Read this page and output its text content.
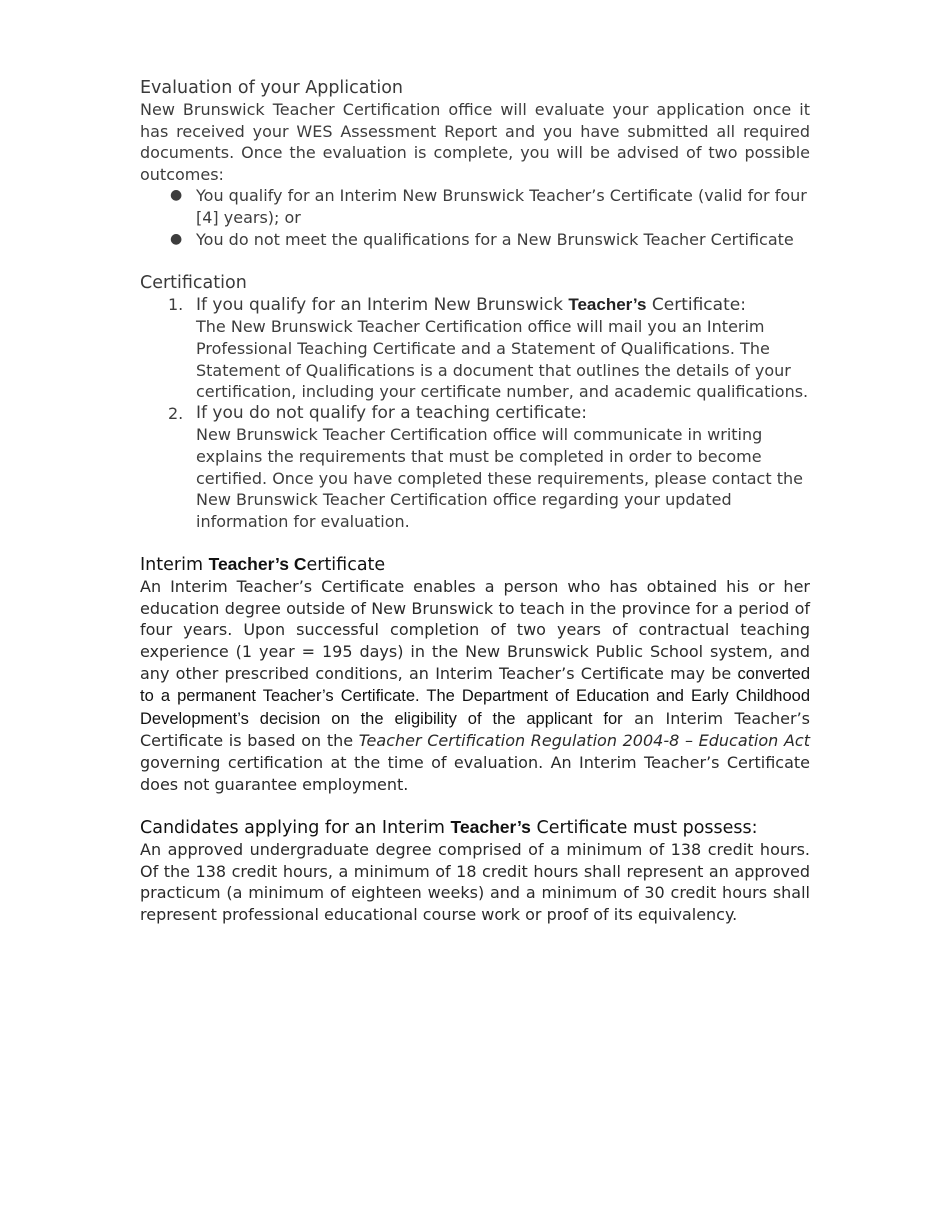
Evaluation of your Application

New Brunswick Teacher Certification office will evaluate your application once it has received your WES Assessment Report and you have submitted all required documents. Once the evaluation is complete, you will be advised of two possible outcomes:

● You qualify for an Interim New Brunswick Teacher’s Certificate (valid for four [4] years); or
● You do not meet the qualifications for a New Brunswick Teacher Certificate
Certification
1. If you qualify for an Interim New Brunswick Teacher’s Certificate:
The New Brunswick Teacher Certification office will mail you an Interim Professional Teaching Certificate and a Statement of Qualifications. The Statement of Qualifications is a document that outlines the details of your certification, including your certificate number, and academic qualifications.
2. If you do not qualify for a teaching certificate:
New Brunswick Teacher Certification office will communicate in writing explains the requirements that must be completed in order to become certified. Once you have completed these requirements, please contact the New Brunswick Teacher Certification office regarding your updated information for evaluation.
Interim Teacher’s Certificate

An Interim Teacher’s Certificate enables a person who has obtained his or her education degree outside of New Brunswick to teach in the province for a period of four years. Upon successful completion of two years of contractual teaching experience (1 year = 195 days) in the New Brunswick Public School system, and any other prescribed conditions, an Interim Teacher’s Certificate may be converted to a permanent Teacher’s Certificate. The Department of Education and Early Childhood Development’s decision on the eligibility of the applicant for an Interim Teacher’s Certificate is based on the Teacher Certification Regulation 2004-8 – Education Act governing certification at the time of evaluation. An Interim Teacher’s Certificate does not guarantee employment.

Candidates applying for an Interim Teacher’s Certificate must possess:

An approved undergraduate degree comprised of a minimum of 138 credit hours. Of the 138 credit hours, a minimum of 18 credit hours shall represent an approved practicum (a minimum of eighteen weeks) and a minimum of 30 credit hours shall represent professional educational course work or proof of its equivalency.
